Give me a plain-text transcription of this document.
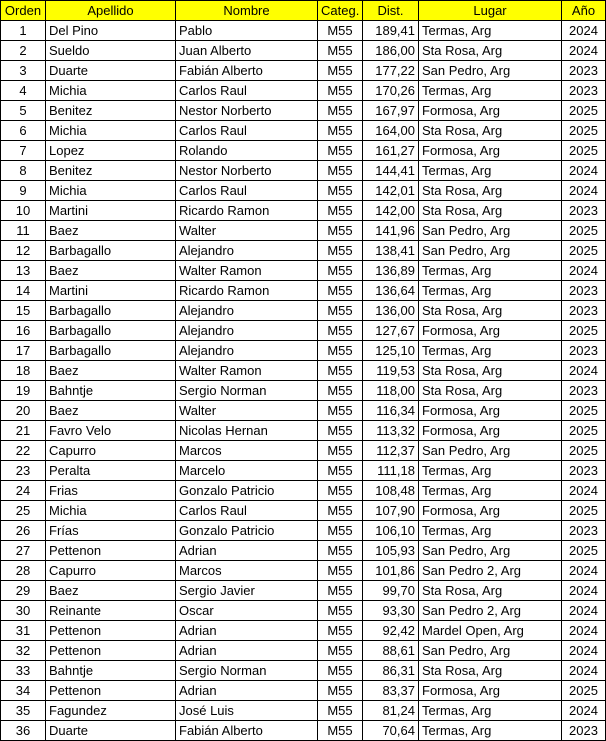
Orden	Apellido	Nombre	Categ.	Dist.	Lugar	Año
1	Del Pino	Pablo	M55	189,41	Termas, Arg	2024
2	Sueldo	Juan Alberto	M55	186,00	Sta Rosa, Arg	2024
3	Duarte	Fabián Alberto	M55	177,22	San Pedro, Arg	2023
4	Michia	Carlos Raul	M55	170,26	Termas, Arg	2023
5	Benitez	Nestor Norberto	M55	167,97	Formosa, Arg	2025
6	Michia	Carlos Raul	M55	164,00	Sta Rosa, Arg	2025
7	Lopez	Rolando	M55	161,27	Formosa, Arg	2025
8	Benitez	Nestor Norberto	M55	144,41	Termas, Arg	2024
9	Michia	Carlos Raul	M55	142,01	Sta Rosa, Arg	2024
10	Martini	Ricardo Ramon	M55	142,00	Sta Rosa, Arg	2023
11	Baez	Walter	M55	141,96	San Pedro, Arg	2025
12	Barbagallo	Alejandro	M55	138,41	San Pedro, Arg	2025
13	Baez	Walter Ramon	M55	136,89	Termas, Arg	2024
14	Martini	Ricardo Ramon	M55	136,64	Termas, Arg	2023
15	Barbagallo	Alejandro	M55	136,00	Sta Rosa, Arg	2023
16	Barbagallo	Alejandro	M55	127,67	Formosa, Arg	2025
17	Barbagallo	Alejandro	M55	125,10	Termas, Arg	2023
18	Baez	Walter Ramon	M55	119,53	Sta Rosa, Arg	2024
19	Bahntje	Sergio Norman	M55	118,00	Sta Rosa, Arg	2023
20	Baez	Walter	M55	116,34	Formosa, Arg	2025
21	Favro Velo	Nicolas Hernan	M55	113,32	Formosa, Arg	2025
22	Capurro	Marcos	M55	112,37	San Pedro, Arg	2025
23	Peralta	Marcelo	M55	111,18	Termas, Arg	2023
24	Frias	Gonzalo Patricio	M55	108,48	Termas, Arg	2024
25	Michia	Carlos Raul	M55	107,90	Formosa, Arg	2025
26	Frías	Gonzalo Patricio	M55	106,10	Termas, Arg	2023
27	Pettenon	Adrian	M55	105,93	San Pedro, Arg	2025
28	Capurro	Marcos	M55	101,86	San Pedro 2, Arg	2024
29	Baez	Sergio Javier	M55	99,70	Sta Rosa, Arg	2024
30	Reinante	Oscar	M55	93,30	San Pedro 2, Arg	2024
31	Pettenon	Adrian	M55	92,42	Mardel Open, Arg	2024
32	Pettenon	Adrian	M55	88,61	San Pedro, Arg	2024
33	Bahntje	Sergio Norman	M55	86,31	Sta Rosa, Arg	2024
34	Pettenon	Adrian	M55	83,37	Formosa, Arg	2025
35	Fagundez	José Luis	M55	81,24	Termas, Arg	2024
36	Duarte	Fabián Alberto	M55	70,64	Termas, Arg	2023
